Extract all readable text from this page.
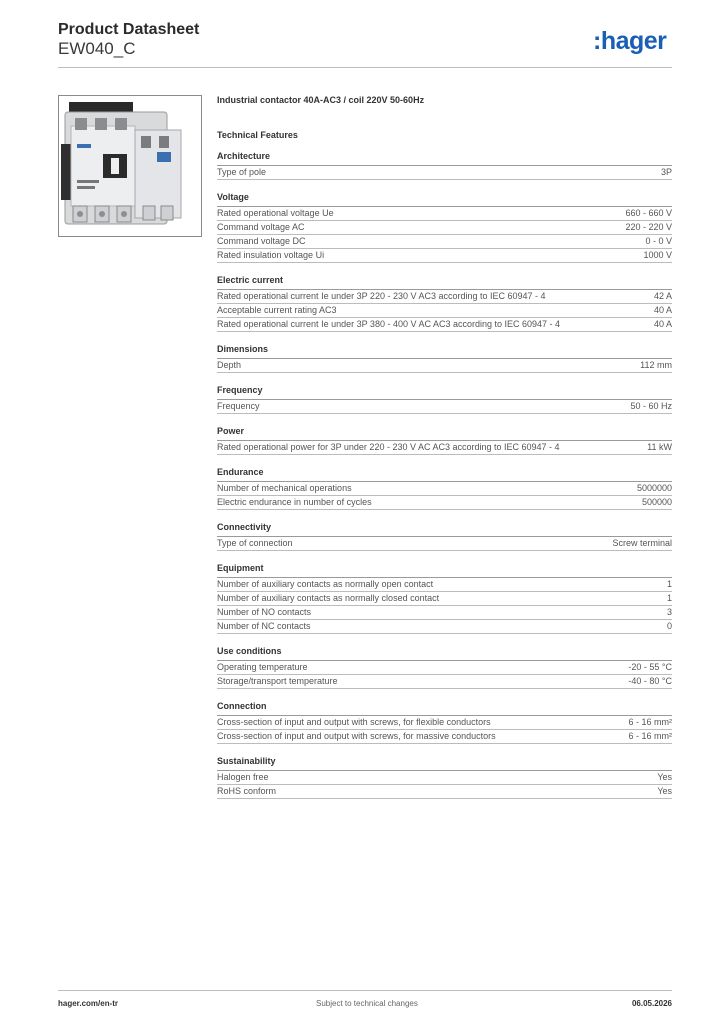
Product Datasheet
EW040_C	:hager
Industrial contactor 40A-AC3 / coil 220V 50-60Hz
Technical Features
Architecture
Type of pole	3P
Voltage
Rated operational voltage Ue	660 - 660 V
Command voltage AC	220 - 220 V
Command voltage DC	0 - 0 V
Rated insulation voltage Ui	1000 V
Electric current
Rated operational current Ie under 3P 220 - 230 V AC3 according to IEC 60947 - 4	42 A
Acceptable current rating AC3	40 A
Rated operational current Ie under 3P 380 - 400 V AC AC3 according to IEC 60947 - 4	40 A
Dimensions
Depth	112 mm
Frequency
Frequency	50 - 60 Hz
Power
Rated operational power for 3P under 220 - 230 V AC AC3 according to IEC 60947 - 4	11 kW
Endurance
Number of mechanical operations	5000000
Electric endurance in number of cycles	500000
Connectivity
Type of connection	Screw terminal
Equipment
Number of auxiliary contacts as normally open contact	1
Number of auxiliary contacts as normally closed contact	1
Number of NO contacts	3
Number of NC contacts	0
Use conditions
Operating temperature	-20 - 55 °C
Storage/transport temperature	-40 - 80 °C
Connection
Cross-section of input and output with screws, for flexible conductors	6 - 16 mm²
Cross-section of input and output with screws, for massive conductors	6 - 16 mm²
Sustainability
Halogen free	Yes
RoHS conform	Yes
hager.com/en-tr	Subject to technical changes	06.05.2026
